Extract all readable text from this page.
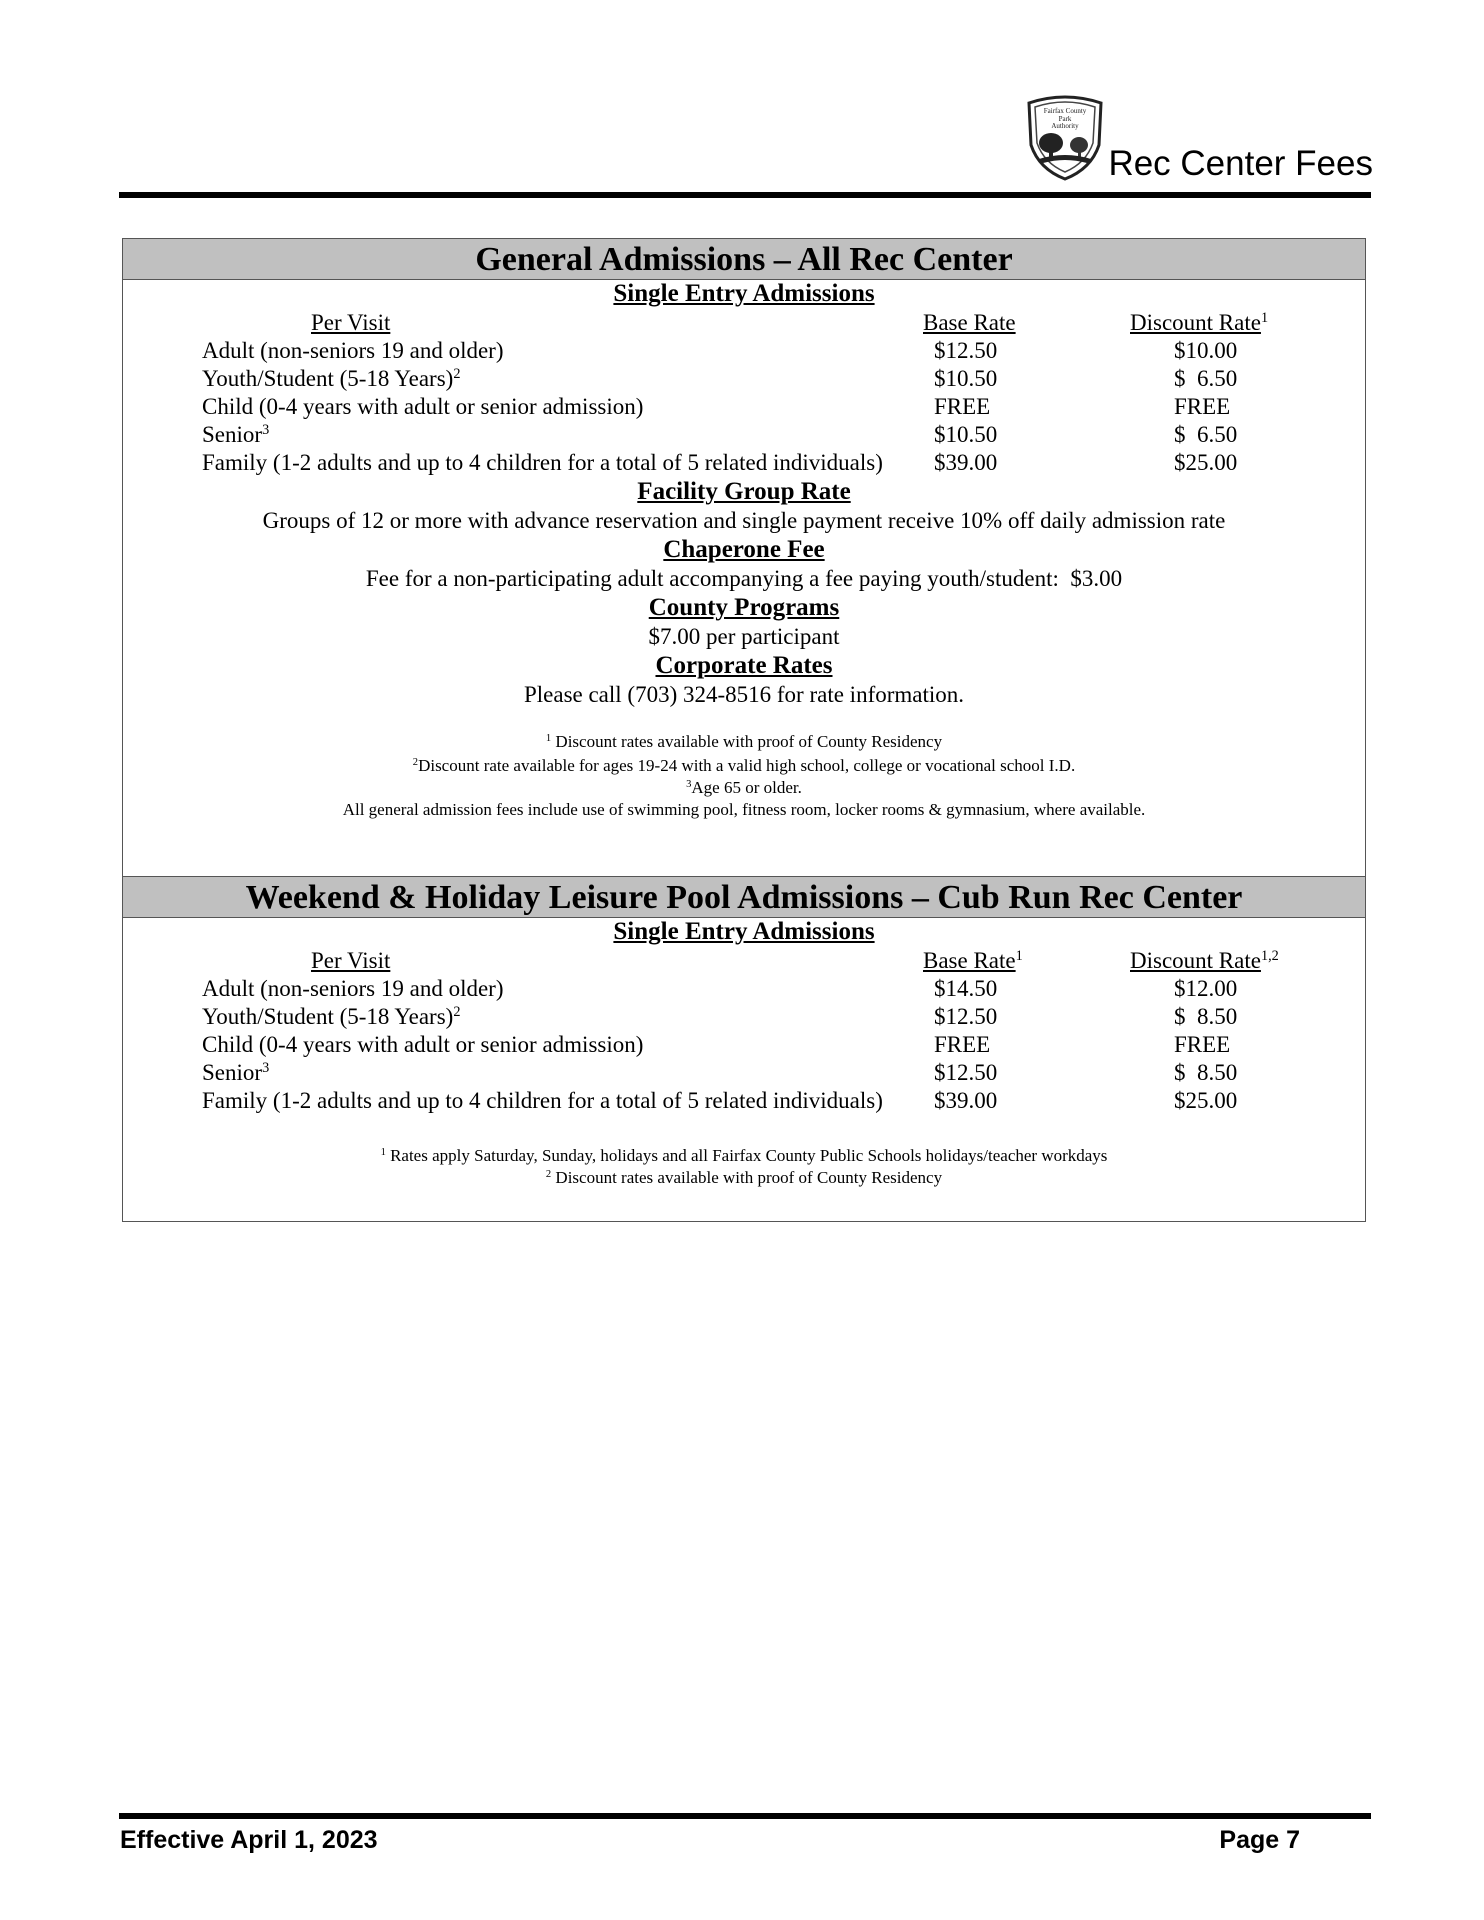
Fairfax County
Park
Authority
Rec Center Fees
General Admissions – All Rec Center
Single Entry Admissions
Per Visit	Base Rate	Discount Rate$^1$
Adult (non-seniors 19 and older)	$12.50	$10.00
Youth/Student (5-18 Years)$^2$	$10.50	$  6.50
Child (0-4 years with adult or senior admission)	FREE	FREE
Senior$^3$	$10.50	$  6.50
Family (1-2 adults and up to 4 children for a total of 5 related individuals) $39.00	$25.00
Facility Group Rate
Groups of 12 or more with advance reservation and single payment receive 10% off daily admission rate
Chaperone Fee
Fee for a non-participating adult accompanying a fee paying youth/student:  $3.00
County Programs
$7.00 per participant
Corporate Rates
Please call (703) 324-8516 for rate information.
$^1$ Discount rates available with proof of County Residency
$^2$Discount rate available for ages 19-24 with a valid high school, college or vocational school I.D.
$^3$Age 65 or older.
All general admission fees include use of swimming pool, fitness room, locker rooms & gymnasium, where available.
Weekend & Holiday Leisure Pool Admissions – Cub Run Rec Center
Single Entry Admissions
Per Visit	Base Rate$^1$	Discount Rate$^{1,2}$
Adult (non-seniors 19 and older)	$14.50	$12.00
Youth/Student (5-18 Years)$^2$	$12.50	$  8.50
Child (0-4 years with adult or senior admission)	FREE	FREE
Senior$^3$	$12.50	$  8.50
Family (1-2 adults and up to 4 children for a total of 5 related individuals) $39.00	$25.00
$^1$ Rates apply Saturday, Sunday, holidays and all Fairfax County Public Schools holidays/teacher workdays
$^2$ Discount rates available with proof of County Residency
Effective April 1, 2023	Page 7
